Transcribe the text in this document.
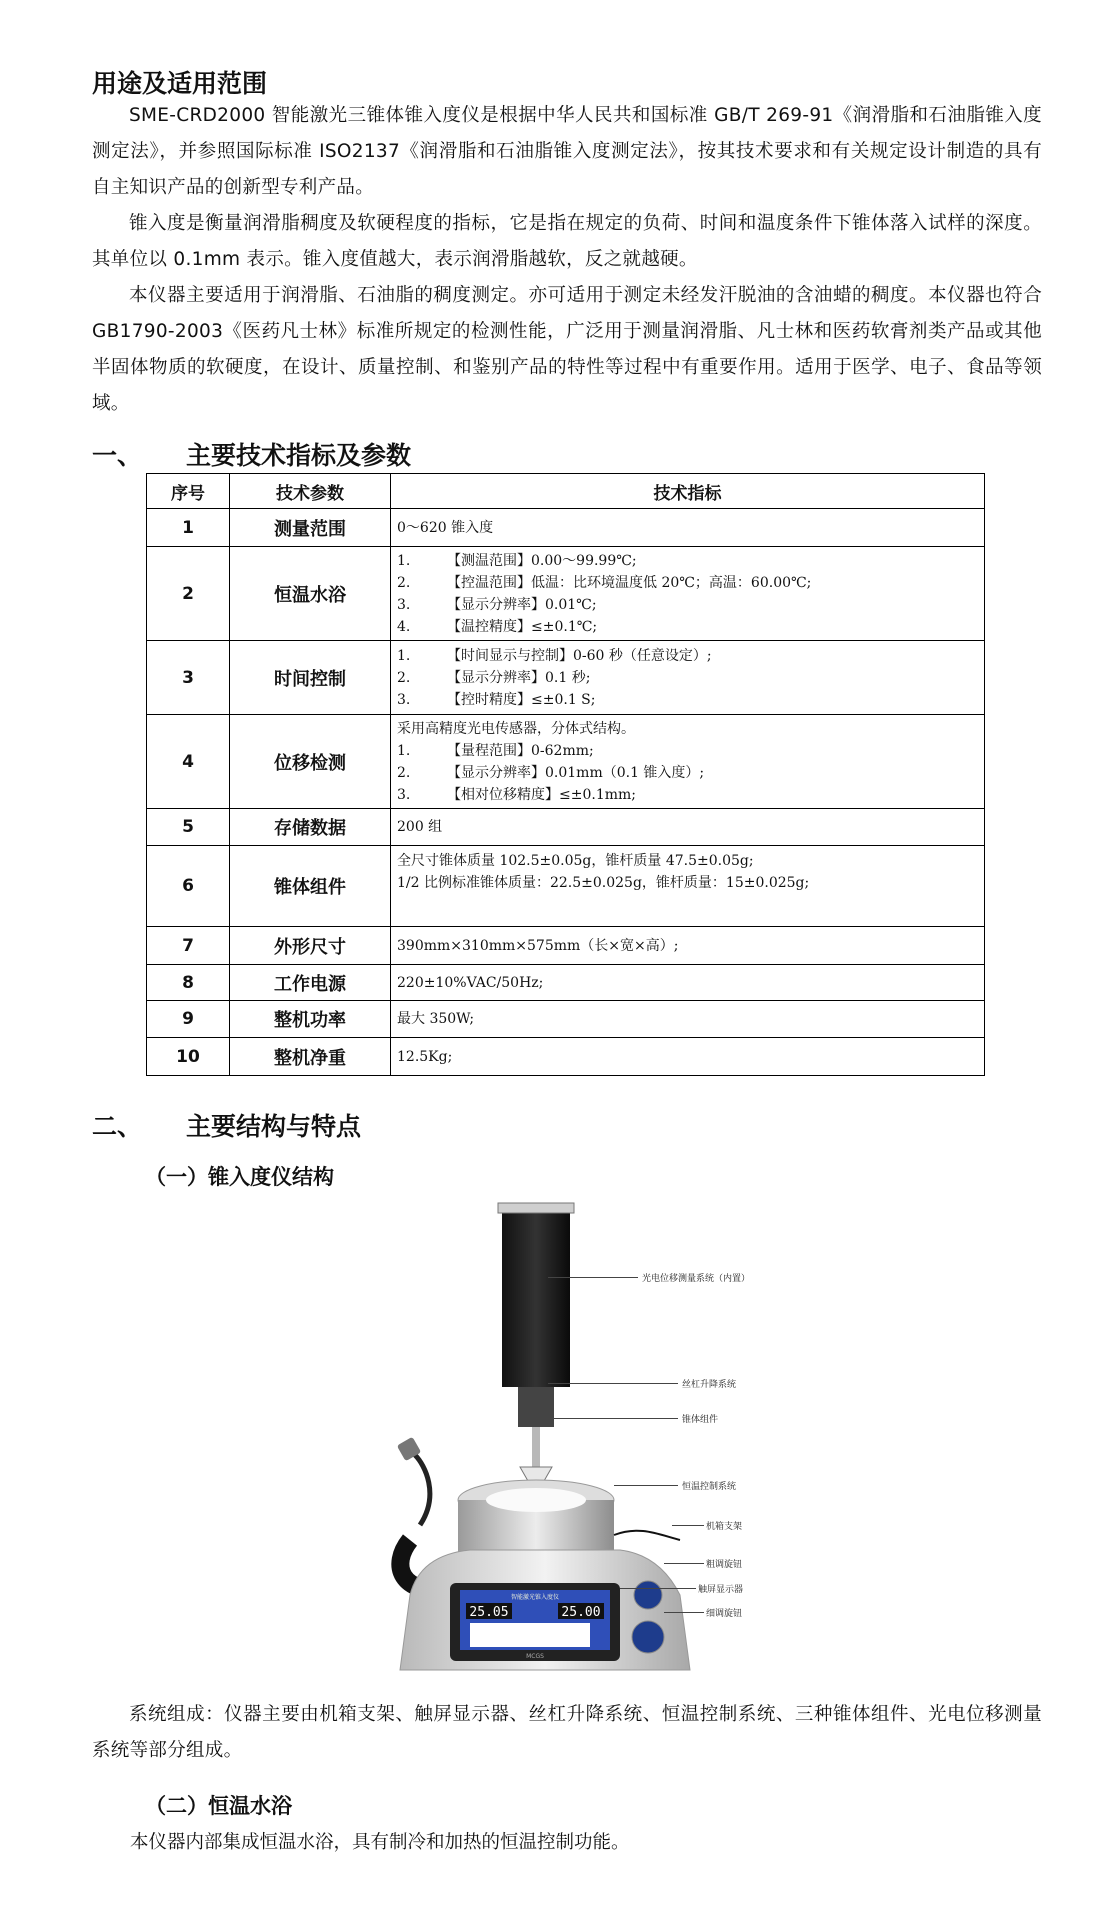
用途及适用范围

SME-CRD2000 智能激光三锥体锥入度仪是根据中华人民共和国标准 GB/T 269-91《润滑脂和石油脂锥入度测定法》，并参照国际标准 ISO2137《润滑脂和石油脂锥入度测定法》，按其技术要求和有关规定设计制造的具有自主知识产品的创新型专利产品。

锥入度是衡量润滑脂稠度及软硬程度的指标，它是指在规定的负荷、时间和温度条件下锥体落入试样的深度。其单位以 0.1mm 表示。锥入度值越大，表示润滑脂越软，反之就越硬。

本仪器主要适用于润滑脂、石油脂的稠度测定。亦可适用于测定未经发汗脱油的含油蜡的稠度。本仪器也符合 GB1790-2003《医药凡士林》标准所规定的检测性能，广泛用于测量润滑脂、凡士林和医药软膏剂类产品或其他半固体物质的软硬度，在设计、质量控制、和鉴别产品的特性等过程中有重要作用。适用于医学、电子、食品等领域。

一、 主要技术指标及参数
序号	技术参数	技术指标
1	测量范围	0～620 锥入度

2	恒温水浴	1. 【测温范围】0.00～99.99℃;
2. 【控温范围】低温：比环境温度低 20℃；高温：60.00℃;
3. 【显示分辨率】0.01℃;
4. 【温控精度】≤±0.1℃;

3	时间控制	1. 【时间显示与控制】0-60 秒（任意设定）;
2. 【显示分辨率】0.1 秒;
3. 【控时精度】≤±0.1 S;

4	位移检测	采用高精度光电传感器，分体式结构。
1. 【量程范围】0-62mm;
2. 【显示分辨率】0.01mm（0.1 锥入度）;
3. 【相对位移精度】≤±0.1mm;

5	存储数据	200 组

6	锥体组件	全尺寸锥体质量 102.5±0.05g，锥杆质量 47.5±0.05g;
1/2 比例标准锥体质量：22.5±0.025g，锥杆质量：15±0.025g;

7	外形尺寸	390mm×310mm×575mm（长×宽×高）;

8	工作电源	220±10%VAC/50Hz;

9	整机功率	最大 350W;

10	整机净重	12.5Kg;
二、 主要结构与特点
（一）锥入度仪结构
智能激光锥入度仪
25.05	25.00
MCGS
光电位移测量系统（内置）
丝杠升降系统
锥体组件
恒温控制系统
机箱支架
粗调旋钮
触屏显示器
细调旋钮

系统组成：仪器主要由机箱支架、触屏显示器、丝杠升降系统、恒温控制系统、三种锥体组件、光电位移测量系统等部分组成。

（二）恒温水浴
本仪器内部集成恒温水浴，具有制冷和加热的恒温控制功能。
